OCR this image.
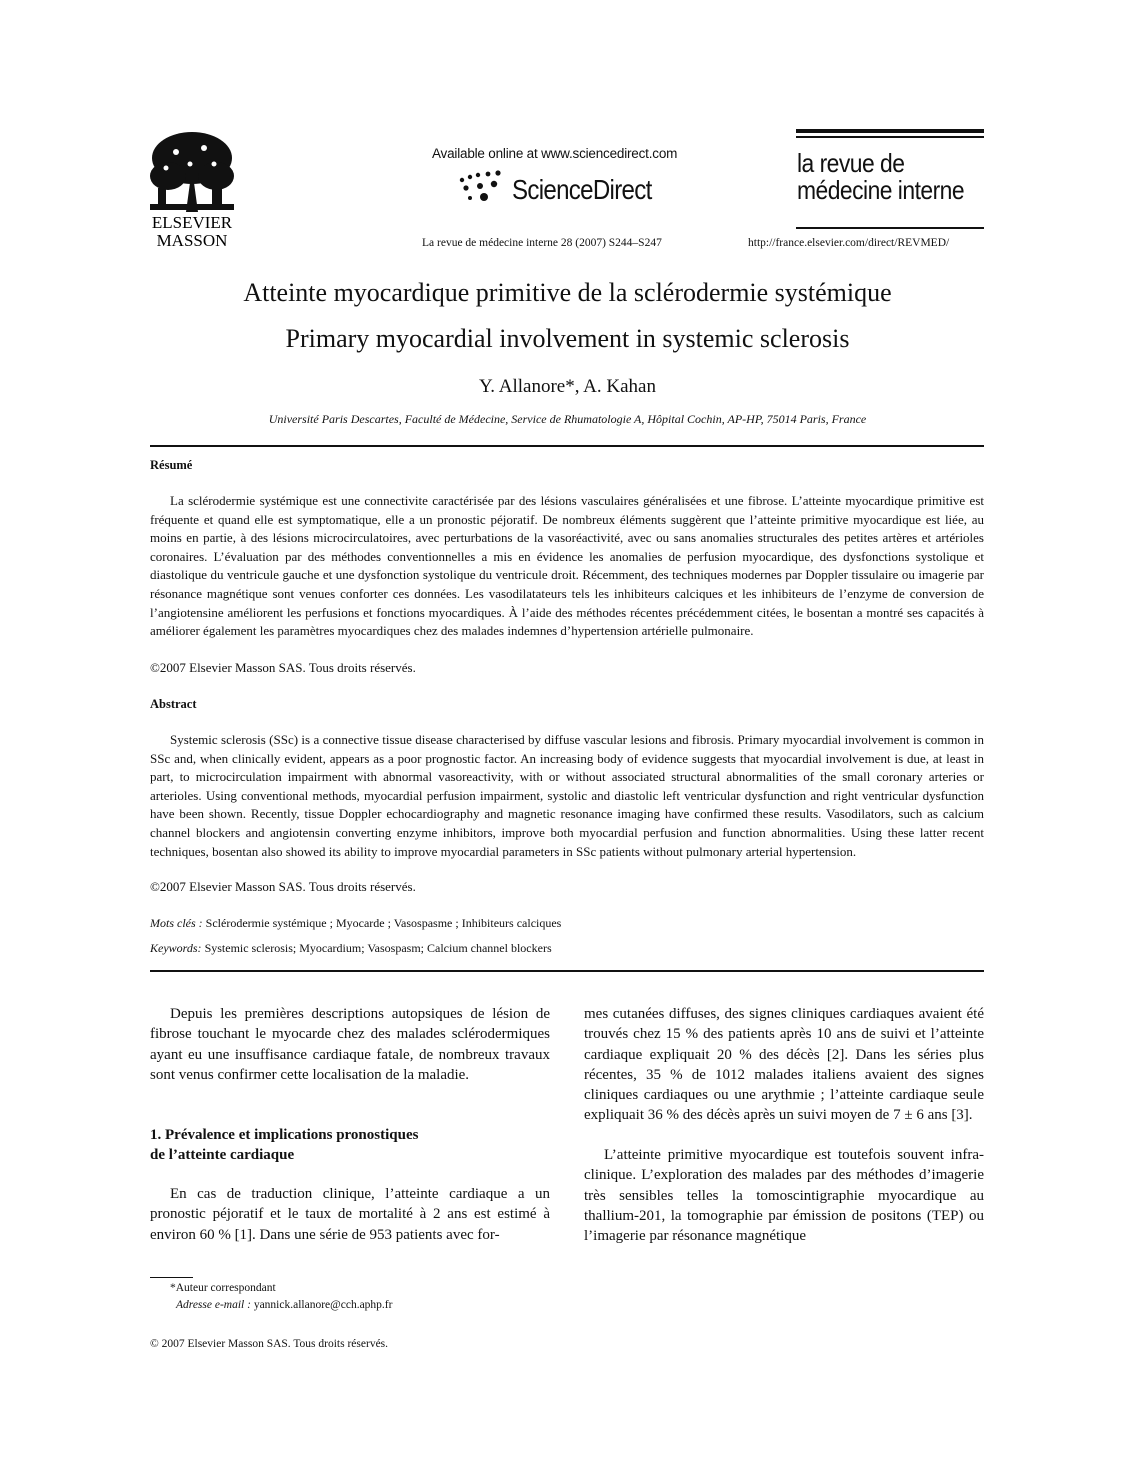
ELSEVIER
MASSON
Available online at www.sciencedirect.com
ScienceDirect
La revue de médecine interne 28 (2007) S244–S247
la revue de
médecine interne
http://france.elsevier.com/direct/REVMED/
Atteinte myocardique primitive de la sclérodermie systémique
Primary myocardial involvement in systemic sclerosis
Y. Allanore*, A. Kahan
Université Paris Descartes, Faculté de Médecine, Service de Rhumatologie A, Hôpital Cochin, AP-HP, 75014 Paris, France
Résumé

La sclérodermie systémique est une connectivite caractérisée par des lésions vasculaires généralisées et une fibrose. L’atteinte myocardique primitive est fréquente et quand elle est symptomatique, elle a un pronostic péjoratif. De nombreux éléments suggèrent que l’atteinte primitive myocardique est liée, au moins en partie, à des lésions microcirculatoires, avec perturbations de la vasoréactivité, avec ou sans anomalies structurales des petites artères et artérioles coronaires. L’évaluation par des méthodes conventionnelles a mis en évidence les anomalies de perfusion myocardique, des dysfonctions systolique et diastolique du ventricule gauche et une dysfonction systolique du ventricule droit. Récemment, des techniques modernes par Doppler tissulaire ou imagerie par résonance magnétique sont venues conforter ces données. Les vasodilatateurs tels les inhibiteurs calciques et les inhibiteurs de l’enzyme de conversion de l’angiotensine améliorent les perfusions et fonctions myocardiques. À l’aide des méthodes récentes précédemment citées, le bosentan a montré ses capacités à améliorer également les paramètres myocardiques chez des malades indemnes d’hypertension artérielle pulmonaire.

©2007 Elsevier Masson SAS. Tous droits réservés.
Abstract

Systemic sclerosis (SSc) is a connective tissue disease characterised by diffuse vascular lesions and fibrosis. Primary myocardial involvement is common in SSc and, when clinically evident, appears as a poor prognostic factor. An increasing body of evidence suggests that myocardial involvement is due, at least in part, to microcirculation impairment with abnormal vasoreactivity, with or without associated structural abnormalities of the small coronary arteries or arterioles. Using conventional methods, myocardial perfusion impairment, systolic and diastolic left ventricular dysfunction and right ventricular dysfunction have been shown. Recently, tissue Doppler echocardiography and magnetic resonance imaging have confirmed these results. Vasodilators, such as calcium channel blockers and angiotensin converting enzyme inhibitors, improve both myocardial perfusion and function abnormalities. Using these latter recent techniques, bosentan also showed its ability to improve myocardial parameters in SSc patients without pulmonary arterial hypertension.

©2007 Elsevier Masson SAS. Tous droits réservés.
Mots clés : Sclérodermie systémique ; Myocarde ; Vasospasme ; Inhibiteurs calciques
Keywords: Systemic sclerosis; Myocardium; Vasospasm; Calcium channel blockers

Depuis les premières descriptions autopsiques de lésion de fibrose touchant le myocarde chez des malades sclérodermiques ayant eu une insuffisance cardiaque fatale, de nombreux travaux sont venus confirmer cette localisation de la maladie.

1. Prévalence et implications pronostiques
de l’atteinte cardiaque

En cas de traduction clinique, l’atteinte cardiaque a un pronostic péjoratif et le taux de mortalité à 2 ans est estimé à environ 60 % [1]. Dans une série de 953 patients avec for-

mes cutanées diffuses, des signes cliniques cardiaques avaient été trouvés chez 15 % des patients après 10 ans de suivi et l’atteinte cardiaque expliquait 20 % des décès [2]. Dans les séries plus récentes, 35 % de 1012 malades italiens avaient des signes cliniques cardiaques ou une arythmie ; l’atteinte cardiaque seule expliquait 36 % des décès après un suivi moyen de 7 ± 6 ans [3].

L’atteinte primitive myocardique est toutefois souvent infra-clinique. L’exploration des malades par des méthodes d’imagerie très sensibles telles la tomoscintigraphie myocardique au thallium-201, la tomographie par émission de positons (TEP) ou l’imagerie par résonance magnétique

*Auteur correspondant
Adresse e-mail : yannick.allanore@cch.aphp.fr
© 2007 Elsevier Masson SAS. Tous droits réservés.
